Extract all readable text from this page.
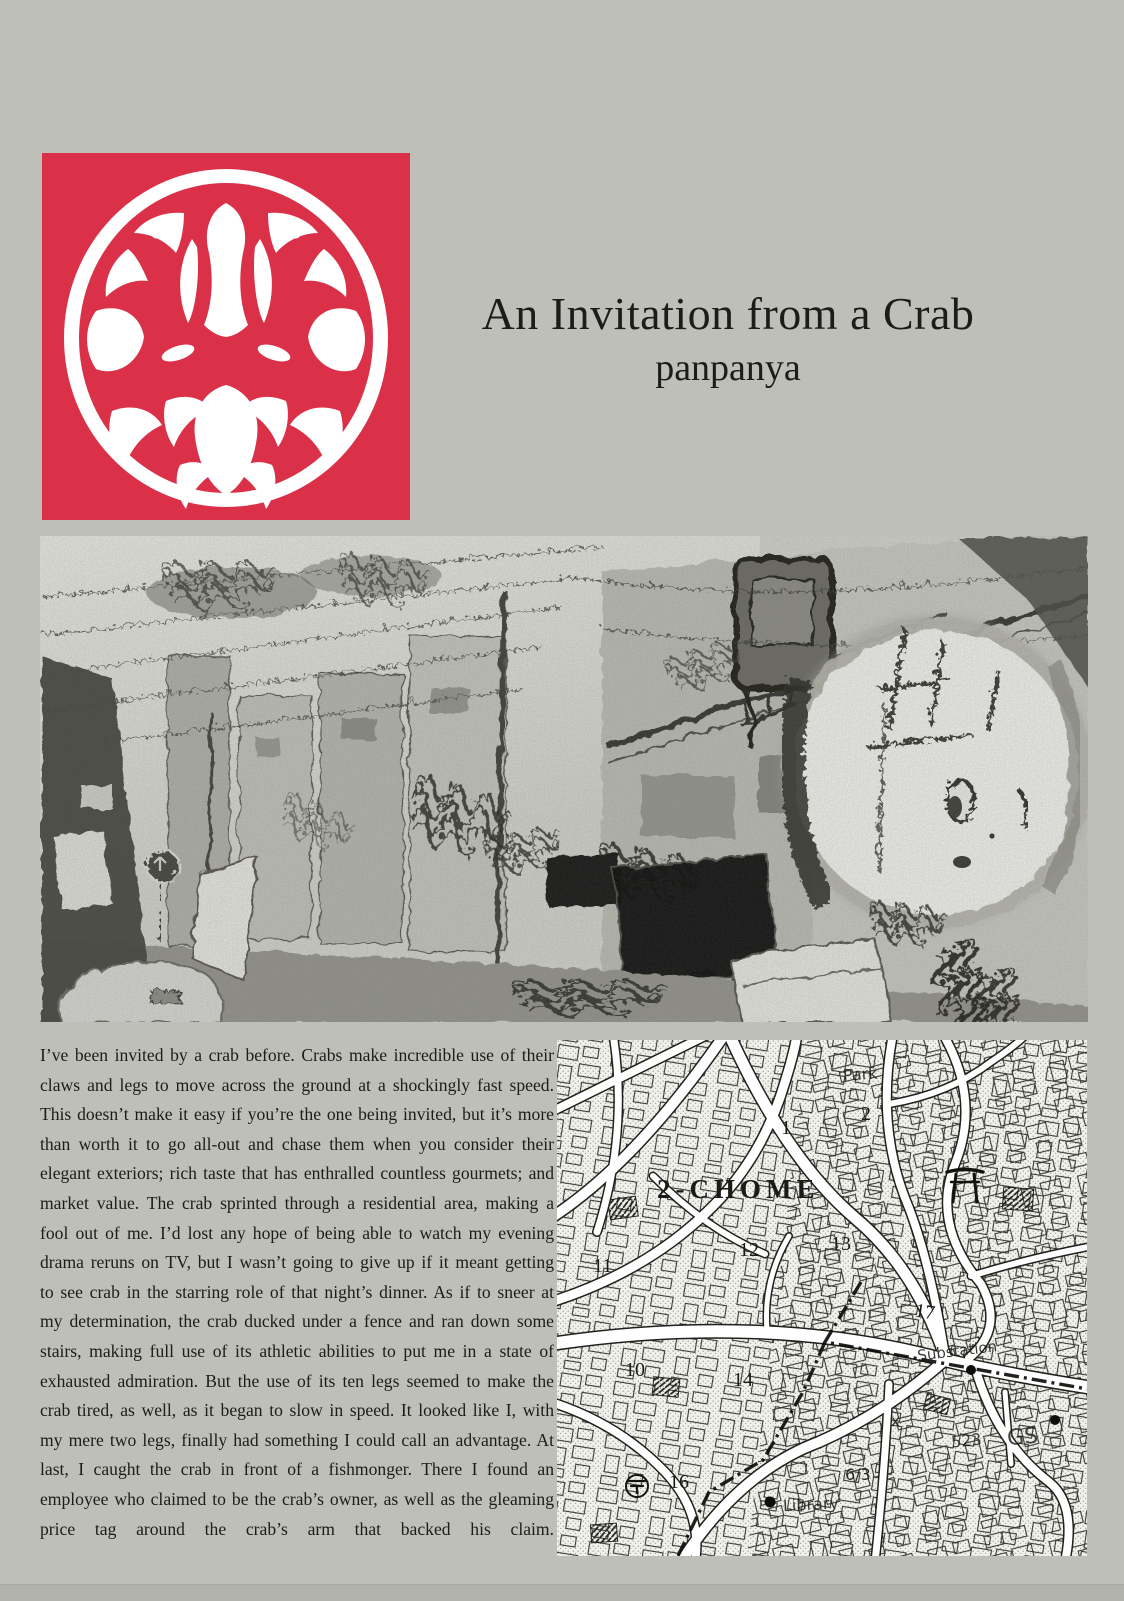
An Invitation from a Crab
panpanya

I’ve been invited by a crab before. Crabs make incredible use of their claws and legs to move across the ground at a shockingly fast speed. This doesn’t make it easy if you’re the one being invited, but it’s more than worth it to go all-out and chase them when you consider their elegant exteriors; rich taste that has enthralled countless gourmets; and market value. The crab sprinted through a residential area, making a fool out of me. I’d lost any hope of being able to watch my evening drama reruns on TV, but I wasn’t going to give up if it meant getting to see crab in the starring role of that night’s dinner. As if to sneer at my determination, the crab ducked under a fence and ran down some stairs, making full use of its athletic abilities to put me in a state of exhausted admiration. But the use of its ten legs seemed to make the crab tired, as well, as it began to slow in speed. It looked like I, with my mere two legs, finally had something I could call an advantage. At last, I caught the crab in front of a fishmonger. There I found an employee who claimed to be the crab’s owner, as well as the gleaming price tag around the crab’s arm that backed his claim.

2-CHOME
Park
2
1
11
12	13
17
Substation
10	14
x
523 GS
6/3
16
Library
